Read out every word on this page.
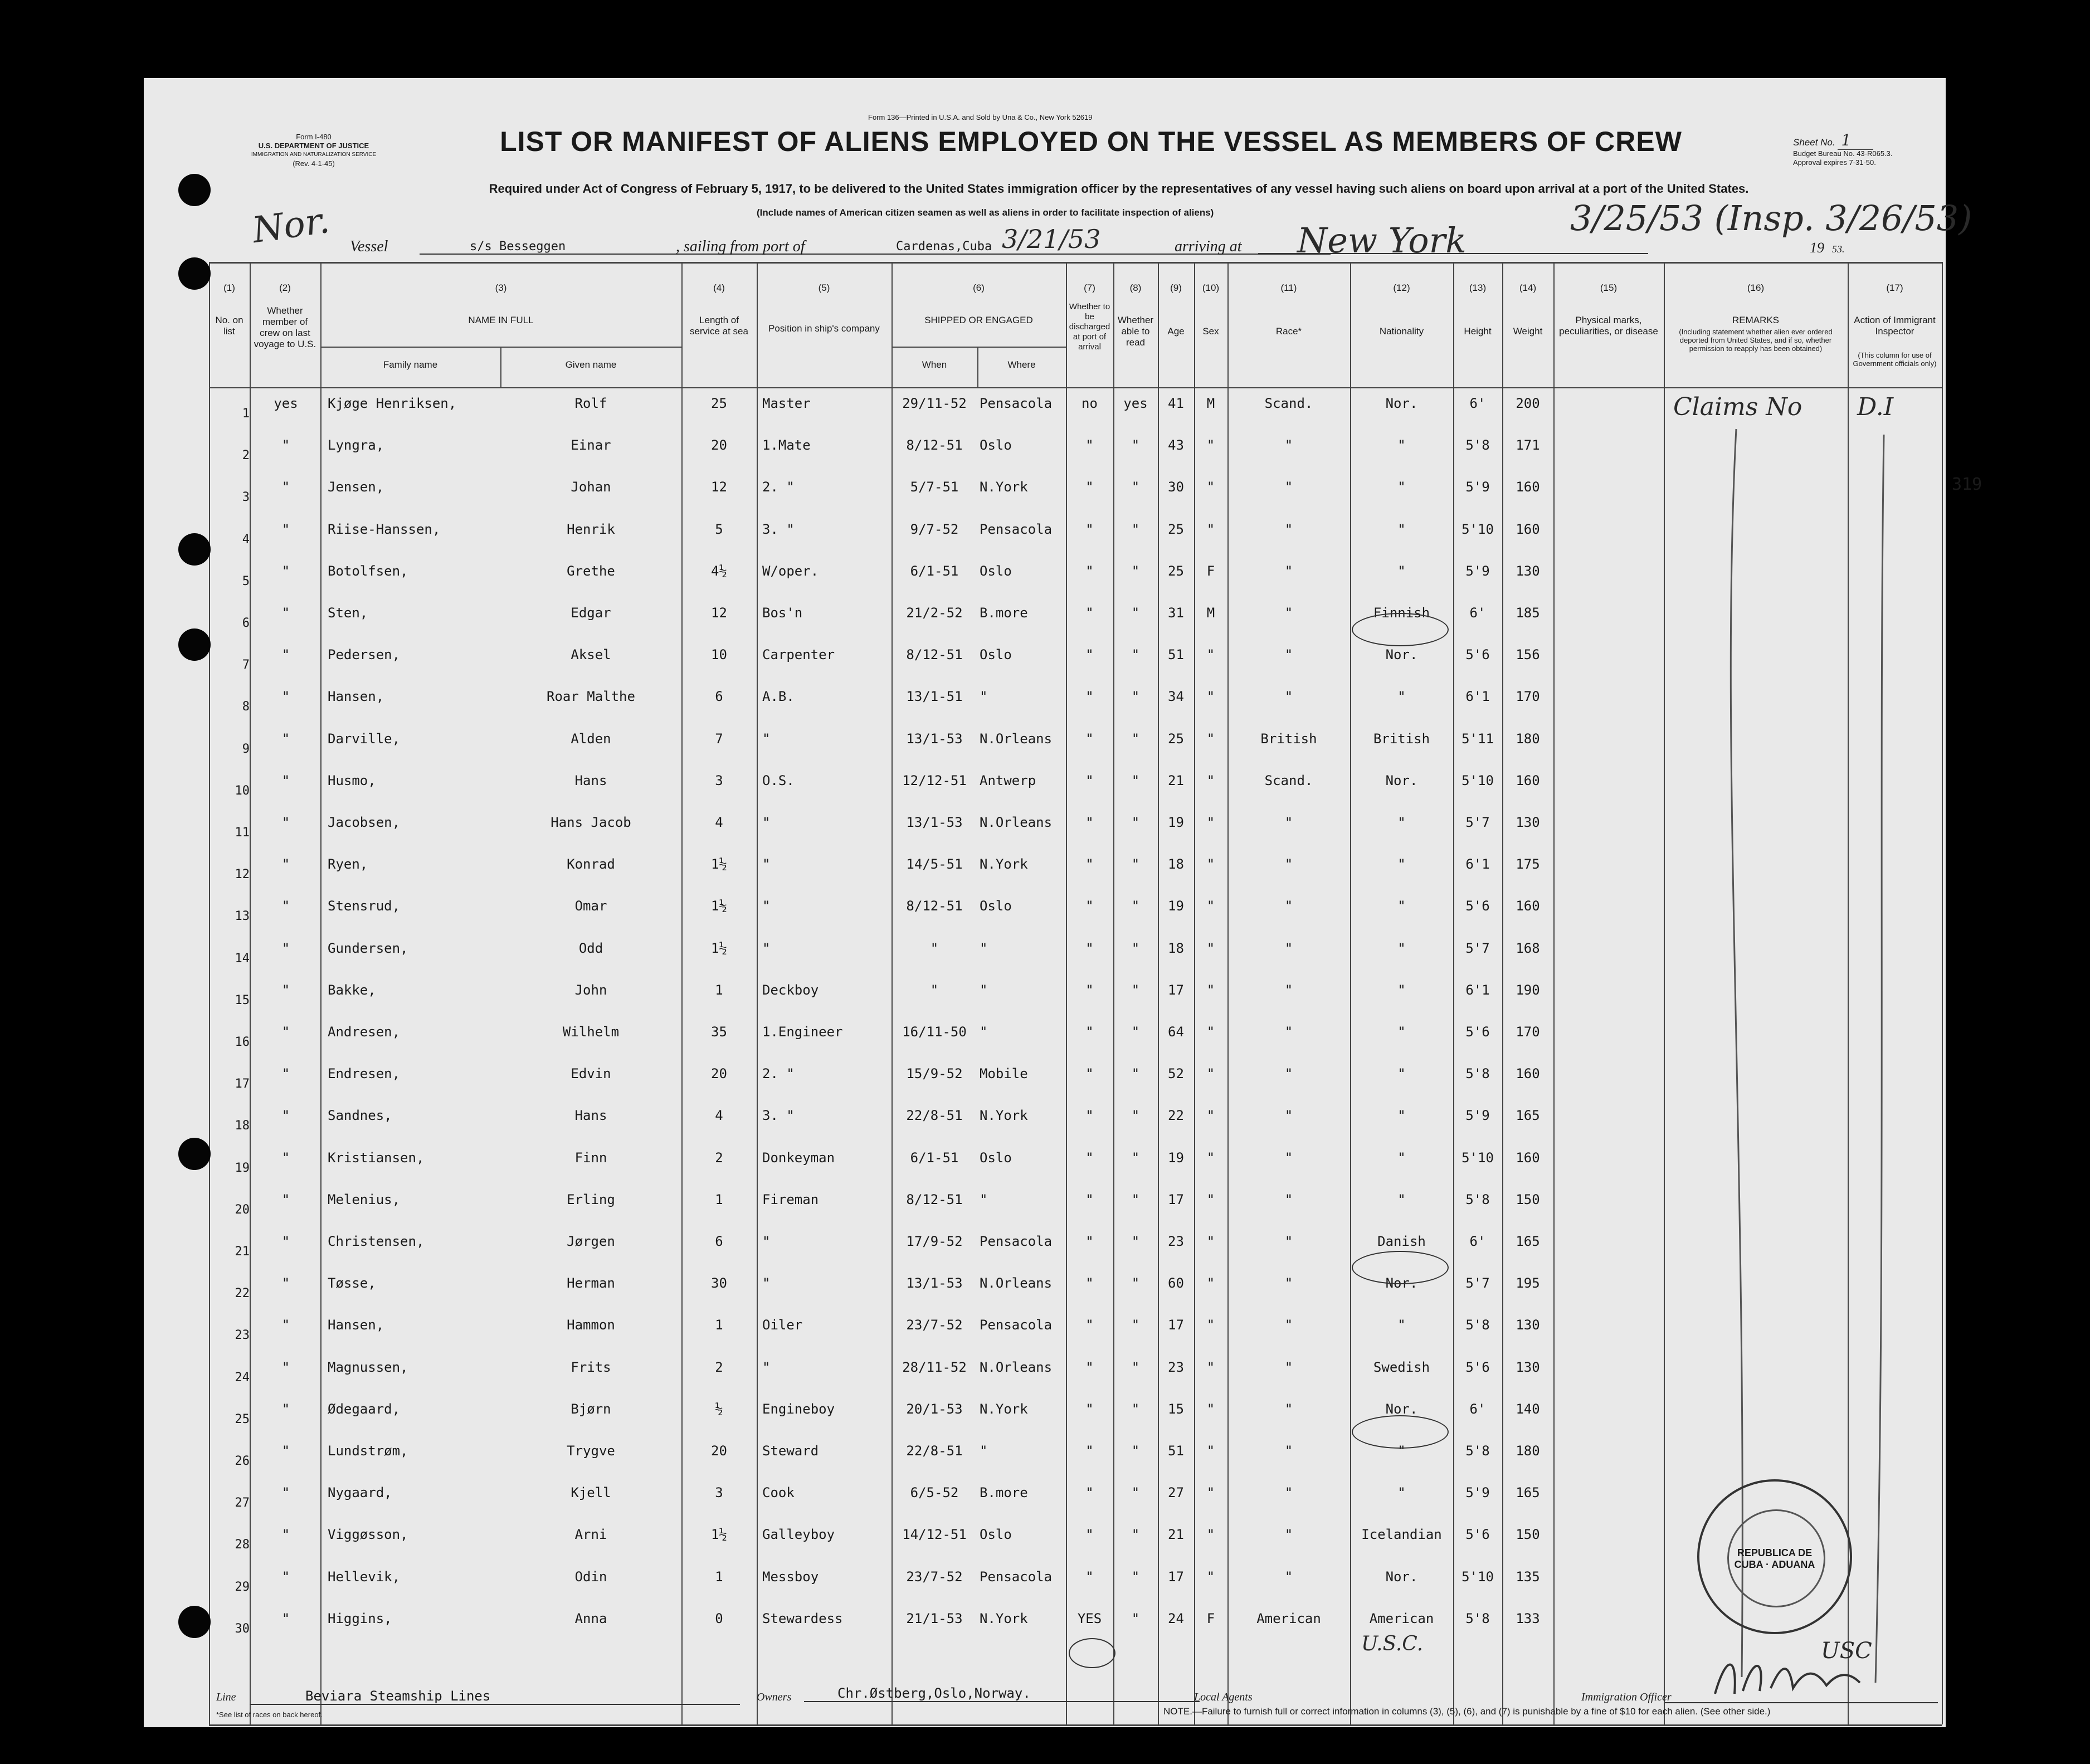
Form 136—Printed in U.S.A. and Sold by Una & Co., New York 52619
Form I-480
U.S. DEPARTMENT OF JUSTICE
IMMIGRATION AND NATURALIZATION SERVICE
(Rev. 4-1-45)
LIST OR MANIFEST OF ALIENS EMPLOYED ON THE VESSEL AS MEMBERS OF CREW	Sheet No. 1
Budget Bureau No. 43-R065.3.
Approval expires 7-31-50.
Required under Act of Congress of February 5, 1917, to be delivered to the United States immigration officer by the representatives of any vessel having such aliens on board upon arrival at a port of the United States.
(Include names of American citizen seamen as well as aliens in order to facilitate inspection of aliens)
Nor. Vessel	s/s Besseggen	, sailing from port of	Cardenas,Cuba 3/21/53	arriving at New York
3/25/53 (Insp. 3/26/53)
19 53.
(1)	(2)	(3)	(4)	(5)	(6)	(7)	(8)	(9)	(10)	(11)	(12)	(13)	(14)	(15)	(16)	(17)
No. on list
Whether member of crew on last voyage to U.S.
NAME IN FULL	Length of service at sea	Position in ship's company
SHIPPED OR ENGAGED
Whether to be discharged at port of arrival
Whether able to read
Age	Sex	Race*	Nationality	Height	Weight
Physical marks, peculiarities, or disease
REMARKS
(Including statement whether alien ever ordered deported from United States, and if so, whether permission to reapply has been obtained)
Action of Immigrant Inspector
(This column for use of Government officials only)
Family name	Given name	When	Where
1
yes	Kjøge Henriksen,	Rolf	25	Master	29/11-52 Pensacola	no	yes	41	M	Scand.	Nor.	6'	200
2
"	Lyngra,	Einar	20	1.Mate	8/12-51	Oslo	"	"	43	"	"	"	5'8	171
3
"	Jensen,	Johan	12	2. "	5/7-51	N.York	"	"	30	"	"	"	5'9	160
4
"	Riise-Hanssen,	Henrik	5	3. "	9/7-52	Pensacola	"	"	25	"	"	"	5'10	160
5
"	Botolfsen,	Grethe	4½	W/oper.	6/1-51	Oslo	"	"	25	F	"	"	5'9	130
6
"	Sten,	Edgar	12	Bos'n	21/2-52	B.more	"	"	31	M	"	Finnish	6'	185
7
"	Pedersen,	Aksel	10	Carpenter	8/12-51	Oslo	"	"	51	"	"	Nor.	5'6	156
8
"	Hansen,	Roar Malthe	6	A.B.	13/1-51	"	"	"	34	"	"	"	6'1	170
9
"	Darville,	Alden	7	"	13/1-53	N.Orleans	"	"	25	"	British	British	5'11	180
10
"	Husmo,	Hans	3	O.S.	12/12-51 Antwerp	"	"	21	"	Scand.	Nor.	5'10	160
11
"	Jacobsen,	Hans Jacob	4	"	13/1-53	N.Orleans	"	"	19	"	"	"	5'7	130
12
"	Ryen,	Konrad	1½	"	14/5-51	N.York	"	"	18	"	"	"	6'1	175
13
"	Stensrud,	Omar	1½	"	8/12-51	Oslo	"	"	19	"	"	"	5'6	160
14
"	Gundersen,	Odd	1½	"	"	"	"	"	18	"	"	"	5'7	168
15
"	Bakke,	John	1	Deckboy	"	"	"	"	17	"	"	"	6'1	190
16
"	Andresen,	Wilhelm	35	1.Engineer	16/11-50 "	"	"	64	"	"	"	5'6	170
17
"	Endresen,	Edvin	20	2. "	15/9-52	Mobile	"	"	52	"	"	"	5'8	160
18
"	Sandnes,	Hans	4	3. "	22/8-51	N.York	"	"	22	"	"	"	5'9	165
19
"	Kristiansen,	Finn	2	Donkeyman	6/1-51	Oslo	"	"	19	"	"	"	5'10	160
20
"	Melenius,	Erling	1	Fireman	8/12-51	"	"	"	17	"	"	"	5'8	150
21
"	Christensen,	Jørgen	6	"	17/9-52	Pensacola	"	"	23	"	"	Danish	6'	165
22
"	Tøsse,	Herman	30	"	13/1-53	N.Orleans	"	"	60	"	"	Nor.	5'7	195
23
"	Hansen,	Hammon	1	Oiler	23/7-52	Pensacola	"	"	17	"	"	"	5'8	130
24
"	Magnussen,	Frits	2	"	28/11-52 N.Orleans	"	"	23	"	"	Swedish	5'6	130
25
"	Ødegaard,	Bjørn	½	Engineboy	20/1-53	N.York	"	"	15	"	"	Nor.	6'	140
26
"	Lundstrøm,	Trygve	20	Steward	22/8-51	"	"	"	51	"	"	"	5'8	180
27
"	Nygaard,	Kjell	3	Cook	6/5-52	B.more	"	"	27	"	"	"	5'9	165
28
"	Viggøsson,	Arni	1½	Galleyboy	14/12-51 Oslo	"	"	21	"	"	Icelandian	5'6	150
29
"	Hellevik,	Odin	1	Messboy	23/7-52	Pensacola	"	"	17	"	"	Nor.	5'10	135
30
"	Higgins,	Anna	0	Stewardess	21/1-53	N.York	YES	"	24	F	American	American	5'8	133
Claims No D.I
319
U.S.C.	USC
REPUBLICA DE CUBA · ADUANA
Line	Beviara Steamship Lines	Owners	Chr.Østberg,Oslo,Norway.	Local Agents	Immigration Officer
*See list of races on back hereof.	NOTE.—Failure to furnish full or correct information in columns (3), (5), (6), and (7) is punishable by a fine of $10 for each alien. (See other side.)
